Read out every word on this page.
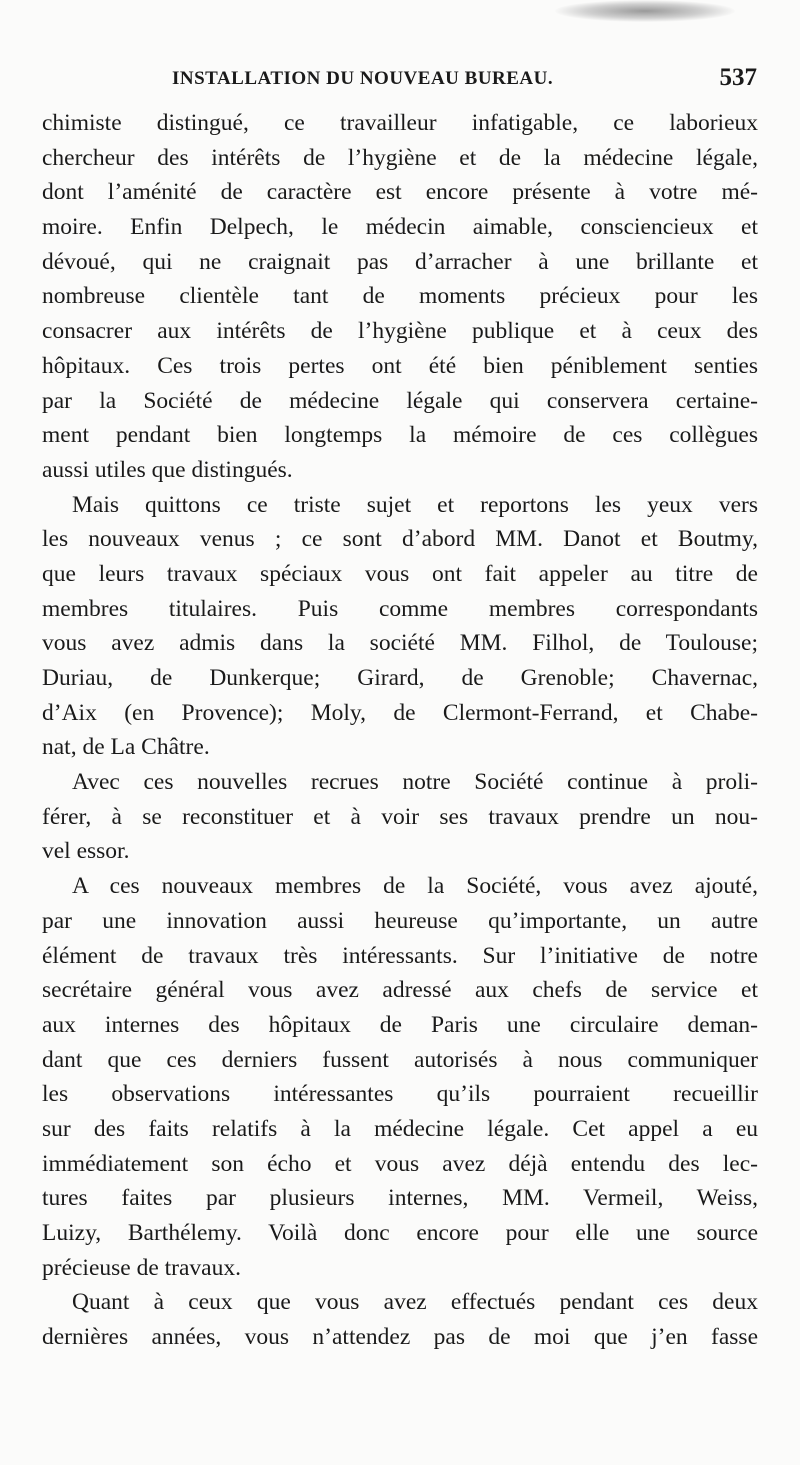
INSTALLATION DU NOUVEAU BUREAU.	537
chimiste distingué, ce travailleur infatigable, ce laborieux
chercheur des intérêts de l’hygiène et de la médecine légale,
dont l’aménité de caractère est encore présente à votre mé-
moire. Enfin Delpech, le médecin aimable, consciencieux et
dévoué, qui ne craignait pas d’arracher à une brillante et
nombreuse clientèle tant de moments précieux pour les
consacrer aux intérêts de l’hygiène publique et à ceux des
hôpitaux. Ces trois pertes ont été bien péniblement senties
par la Société de médecine légale qui conservera certaine-
ment pendant bien longtemps la mémoire de ces collègues
aussi utiles que distingués.
Mais quittons ce triste sujet et reportons les yeux vers
les nouveaux venus ; ce sont d’abord MM. Danot et Boutmy,
que leurs travaux spéciaux vous ont fait appeler au titre de
membres titulaires. Puis comme membres correspondants
vous avez admis dans la société MM. Filhol, de Toulouse;
Duriau, de Dunkerque; Girard, de Grenoble; Chavernac,
d’Aix (en Provence); Moly, de Clermont-Ferrand, et Chabe-
nat, de La Châtre.
Avec ces nouvelles recrues notre Société continue à proli-
férer, à se reconstituer et à voir ses travaux prendre un nou-
vel essor.
A ces nouveaux membres de la Société, vous avez ajouté,
par une innovation aussi heureuse qu’importante, un autre
élément de travaux très intéressants. Sur l’initiative de notre
secrétaire général vous avez adressé aux chefs de service et
aux internes des hôpitaux de Paris une circulaire deman-
dant que ces derniers fussent autorisés à nous communiquer
les observations intéressantes qu’ils pourraient recueillir
sur des faits relatifs à la médecine légale. Cet appel a eu
immédiatement son écho et vous avez déjà entendu des lec-
tures faites par plusieurs internes, MM. Vermeil, Weiss,
Luizy, Barthélemy. Voilà donc encore pour elle une source
précieuse de travaux.
Quant à ceux que vous avez effectués pendant ces deux
dernières années, vous n’attendez pas de moi que j’en fasse
